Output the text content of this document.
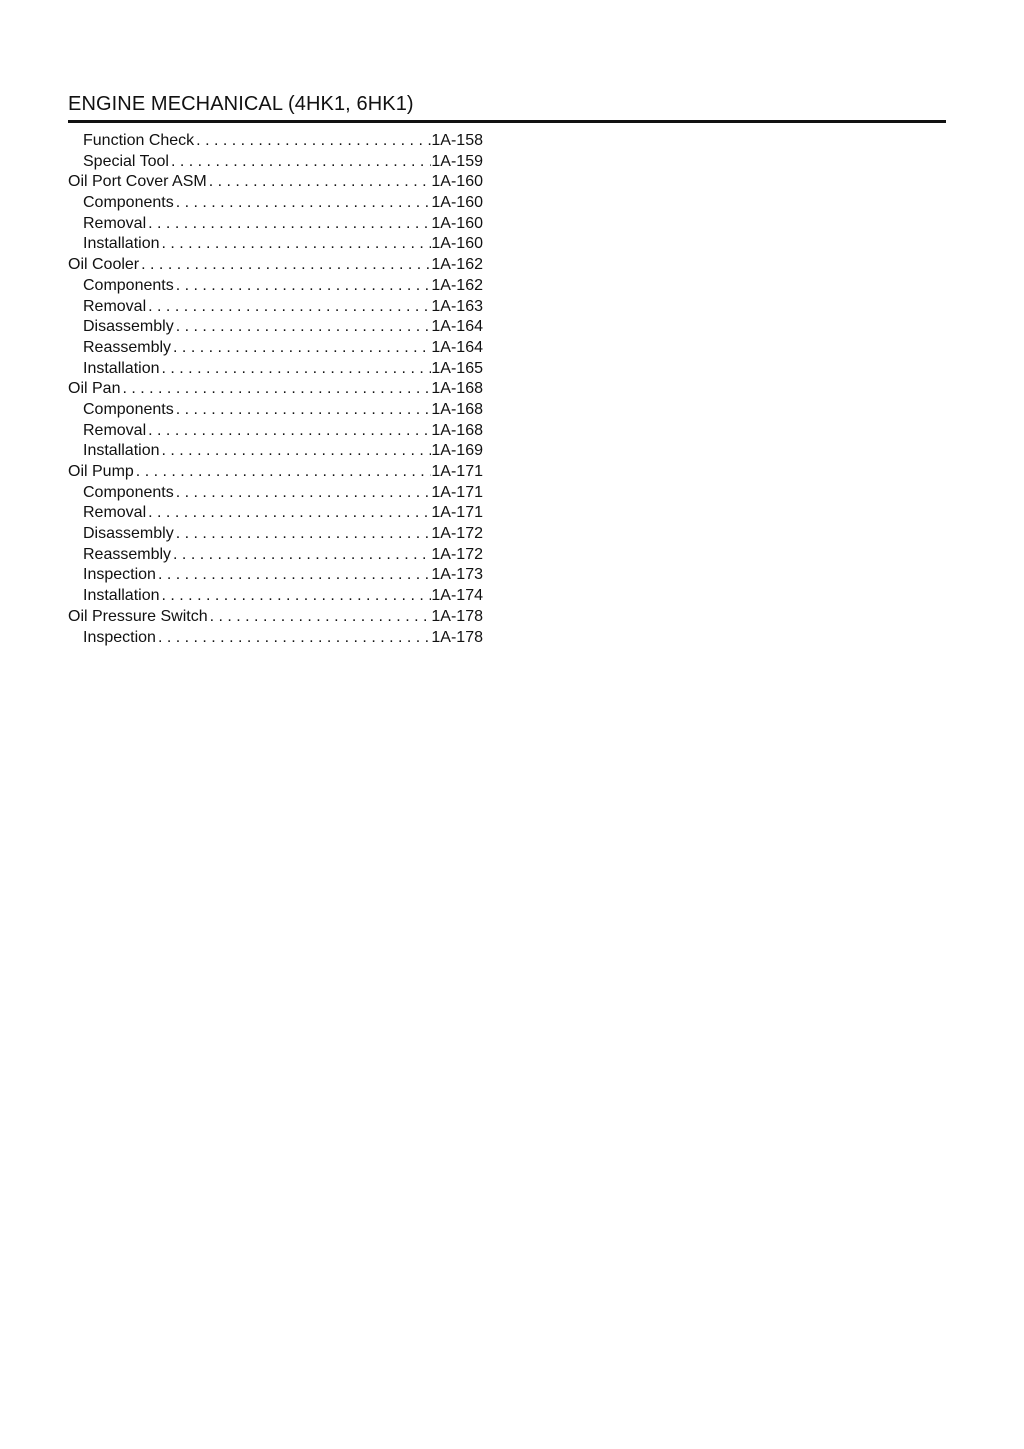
ENGINE MECHANICAL (4HK1, 6HK1)
Function Check . . .	1A-158
Special Tool . . .	1A-159
Oil Port Cover ASM . . .	1A-160
Components . . .	1A-160
Removal . . .	1A-160
Installation . . .	1A-160
Oil Cooler . . .	1A-162
Components . . .	1A-162
Removal . . .	1A-163
Disassembly . . .	1A-164
Reassembly . . .	1A-164
Installation . . .	1A-165
Oil Pan . . .	1A-168
Components . . .	1A-168
Removal . . .	1A-168
Installation . . .	1A-169
Oil Pump . . .	1A-171
Components . . .	1A-171
Removal . . .	1A-171
Disassembly . . .	1A-172
Reassembly . . .	1A-172
Inspection . . .	1A-173
Installation . . .	1A-174
Oil Pressure Switch . . .	1A-178
Inspection . . .	1A-178
